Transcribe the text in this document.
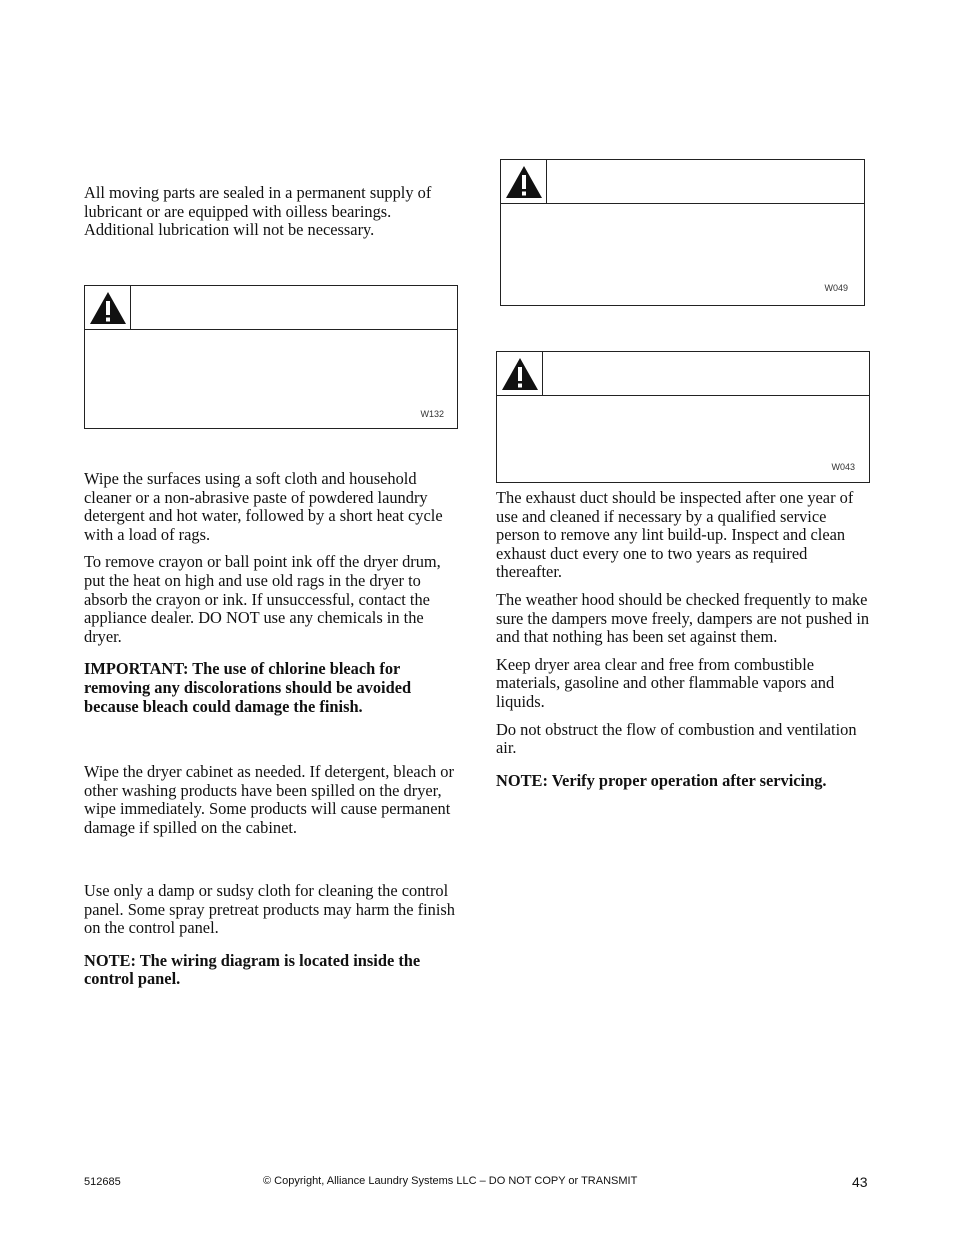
All moving parts are sealed in a permanent supply of lubricant or are equipped with oilless bearings. Additional lubrication will not be necessary.

W132

Wipe the surfaces using a soft cloth and household cleaner or a non-abrasive paste of powdered laundry detergent and hot water, followed by a short heat cycle with a load of rags.

To remove crayon or ball point ink off the dryer drum, put the heat on high and use old rags in the dryer to absorb the crayon or ink. If unsuccessful, contact the appliance dealer. DO NOT use any chemicals in the dryer.

IMPORTANT: The use of chlorine bleach for removing any discolorations should be avoided because bleach could damage the finish.

Wipe the dryer cabinet as needed. If detergent, bleach or other washing products have been spilled on the dryer, wipe immediately. Some products will cause permanent damage if spilled on the cabinet.

Use only a damp or sudsy cloth for cleaning the control panel. Some spray pretreat products may harm the finish on the control panel.

NOTE: The wiring diagram is located inside the control panel.

W049
W043

The exhaust duct should be inspected after one year of use and cleaned if necessary by a qualified service person to remove any lint build-up. Inspect and clean exhaust duct every one to two years as required thereafter.

The weather hood should be checked frequently to make sure the dampers move freely, dampers are not pushed in and that nothing has been set against them.

Keep dryer area clear and free from combustible materials, gasoline and other flammable vapors and liquids.

Do not obstruct the flow of combustion and ventilation air.

NOTE: Verify proper operation after servicing.

512685	© Copyright, Alliance Laundry Systems LLC – DO NOT COPY or TRANSMIT	43
